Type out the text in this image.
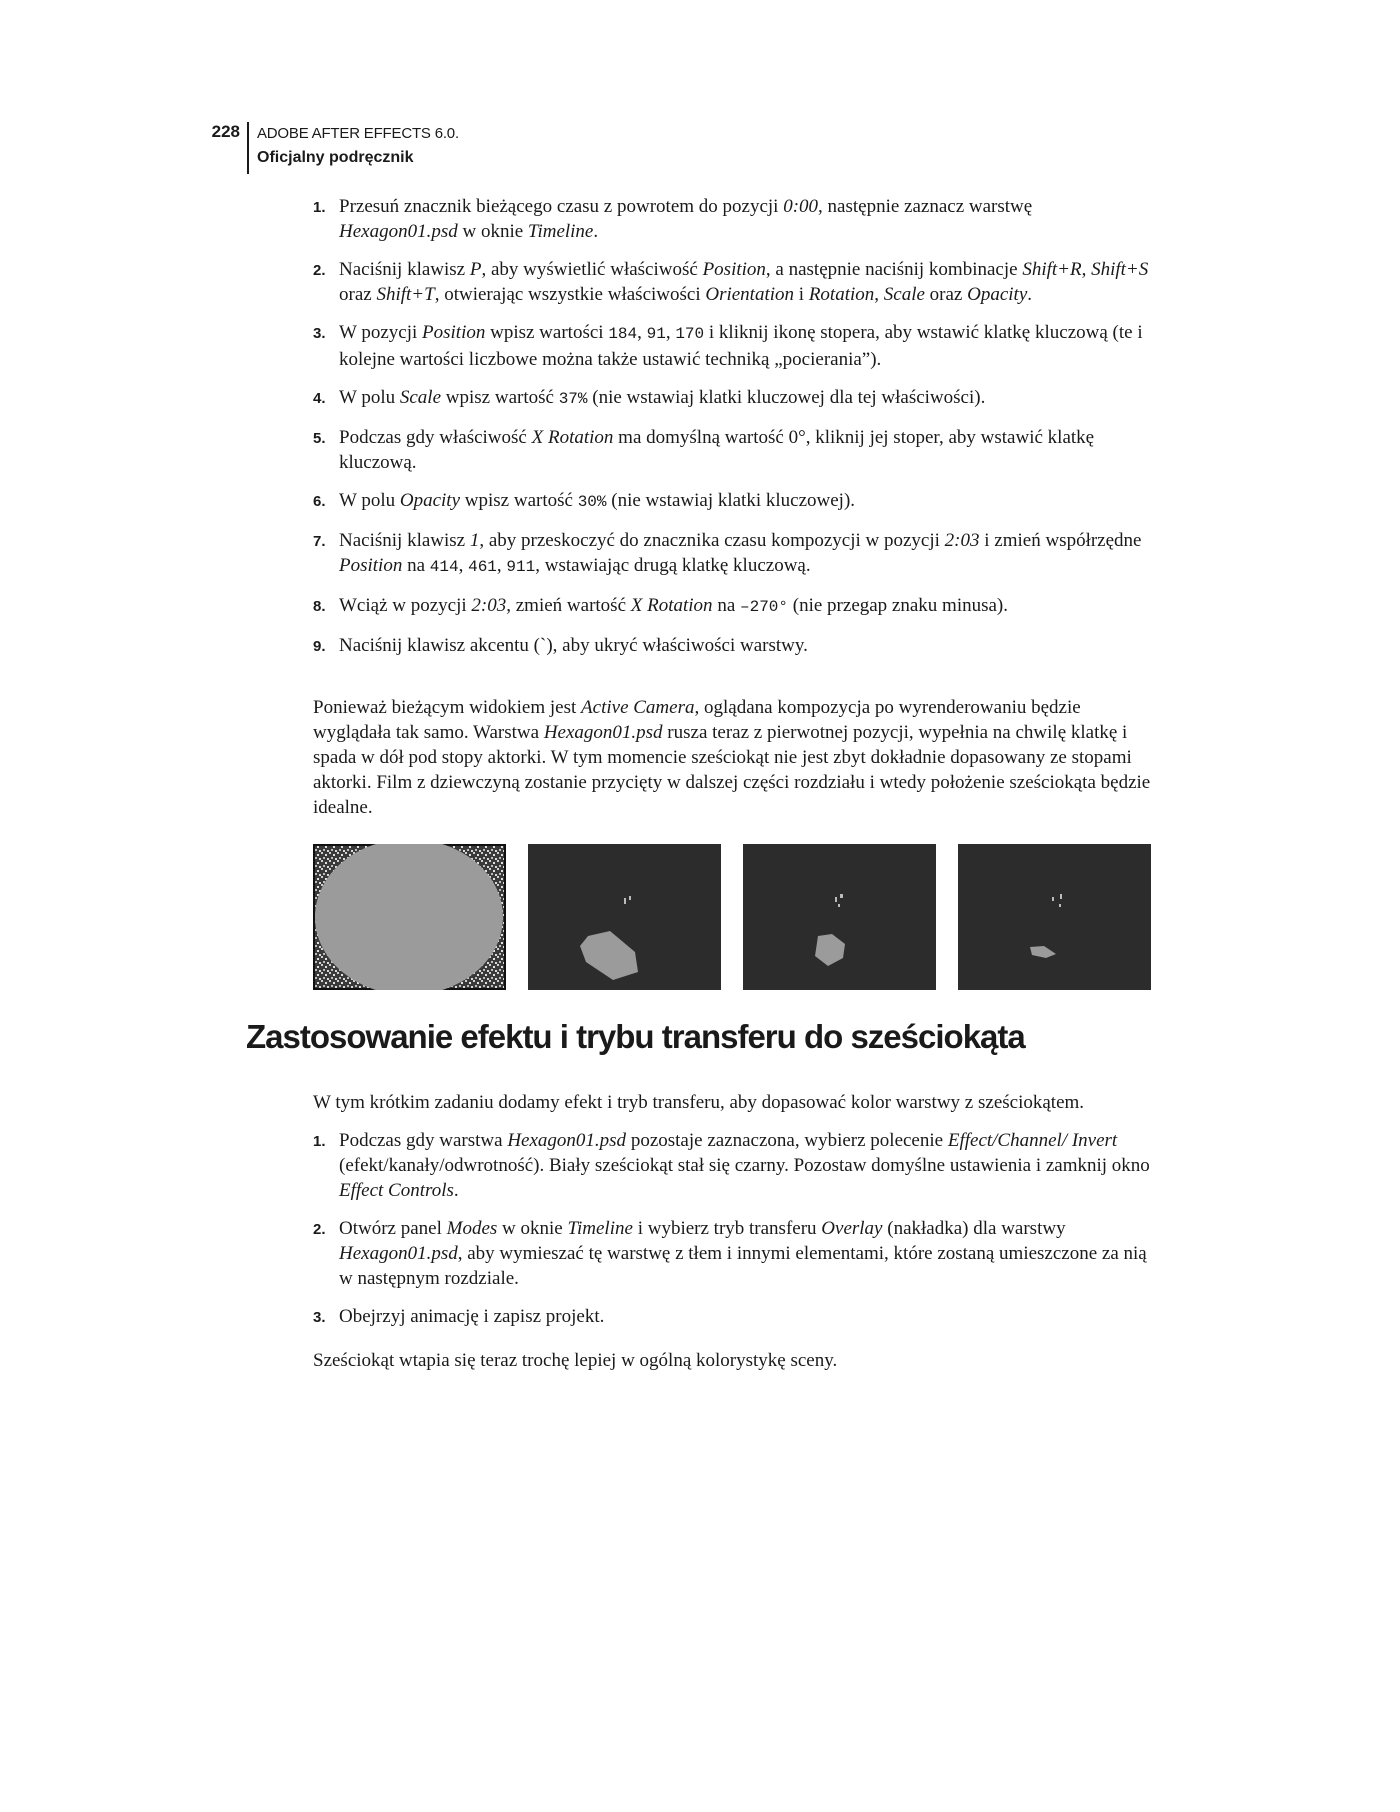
228 ADOBE AFTER EFFECTS 6.0.
Oficjalny podręcznik
1. Przesuń znacznik bieżącego czasu z powrotem do pozycji 0:00, następnie zaznacz warstwę Hexagon01.psd w oknie Timeline.
2. Naciśnij klawisz P, aby wyświetlić właściwość Position, a następnie naciśnij kombinacje Shift+R, Shift+S oraz Shift+T, otwierając wszystkie właściwości Orientation i Rotation, Scale oraz Opacity.
3. W pozycji Position wpisz wartości 184, 91, 170 i kliknij ikonę stopera, aby wstawić klatkę kluczową (te i kolejne wartości liczbowe można także ustawić techniką „pocierania”).
4. W polu Scale wpisz wartość 37% (nie wstawiaj klatki kluczowej dla tej właściwości).
5. Podczas gdy właściwość X Rotation ma domyślną wartość 0°, kliknij jej stoper, aby wstawić klatkę kluczową.
6. W polu Opacity wpisz wartość 30% (nie wstawiaj klatki kluczowej).
7. Naciśnij klawisz 1, aby przeskoczyć do znacznika czasu kompozycji w pozycji 2:03 i zmień współrzędne Position na 414, 461, 911, wstawiając drugą klatkę kluczową.
8. Wciąż w pozycji 2:03, zmień wartość X Rotation na –270° (nie przegap znaku minusa).
9. Naciśnij klawisz akcentu (`), aby ukryć właściwości warstwy.

Ponieważ bieżącym widokiem jest Active Camera, oglądana kompozycja po wyrenderowaniu będzie wyglądała tak samo. Warstwa Hexagon01.psd rusza teraz z pierwotnej pozycji, wypełnia na chwilę klatkę i spada w dół pod stopy aktorki. W tym momencie sześciokąt nie jest zbyt dokładnie dopasowany ze stopami aktorki. Film z dziewczyną zostanie przycięty w dalszej części rozdziału i wtedy położenie sześciokąta będzie idealne.

Zastosowanie efektu i trybu transferu do sześciokąta

W tym krótkim zadaniu dodamy efekt i tryb transferu, aby dopasować kolor warstwy z sześciokątem.

1. Podczas gdy warstwa Hexagon01.psd pozostaje zaznaczona, wybierz polecenie Effect/Channel/ Invert (efekt/kanały/odwrotność). Biały sześciokąt stał się czarny. Pozostaw domyślne ustawienia i zamknij okno Effect Controls.
2. Otwórz panel Modes w oknie Timeline i wybierz tryb transferu Overlay (nakładka) dla warstwy Hexagon01.psd, aby wymieszać tę warstwę z tłem i innymi elementami, które zostaną umieszczone za nią w następnym rozdziale.
3. Obejrzyj animację i zapisz projekt.

Sześciokąt wtapia się teraz trochę lepiej w ogólną kolorystykę sceny.
